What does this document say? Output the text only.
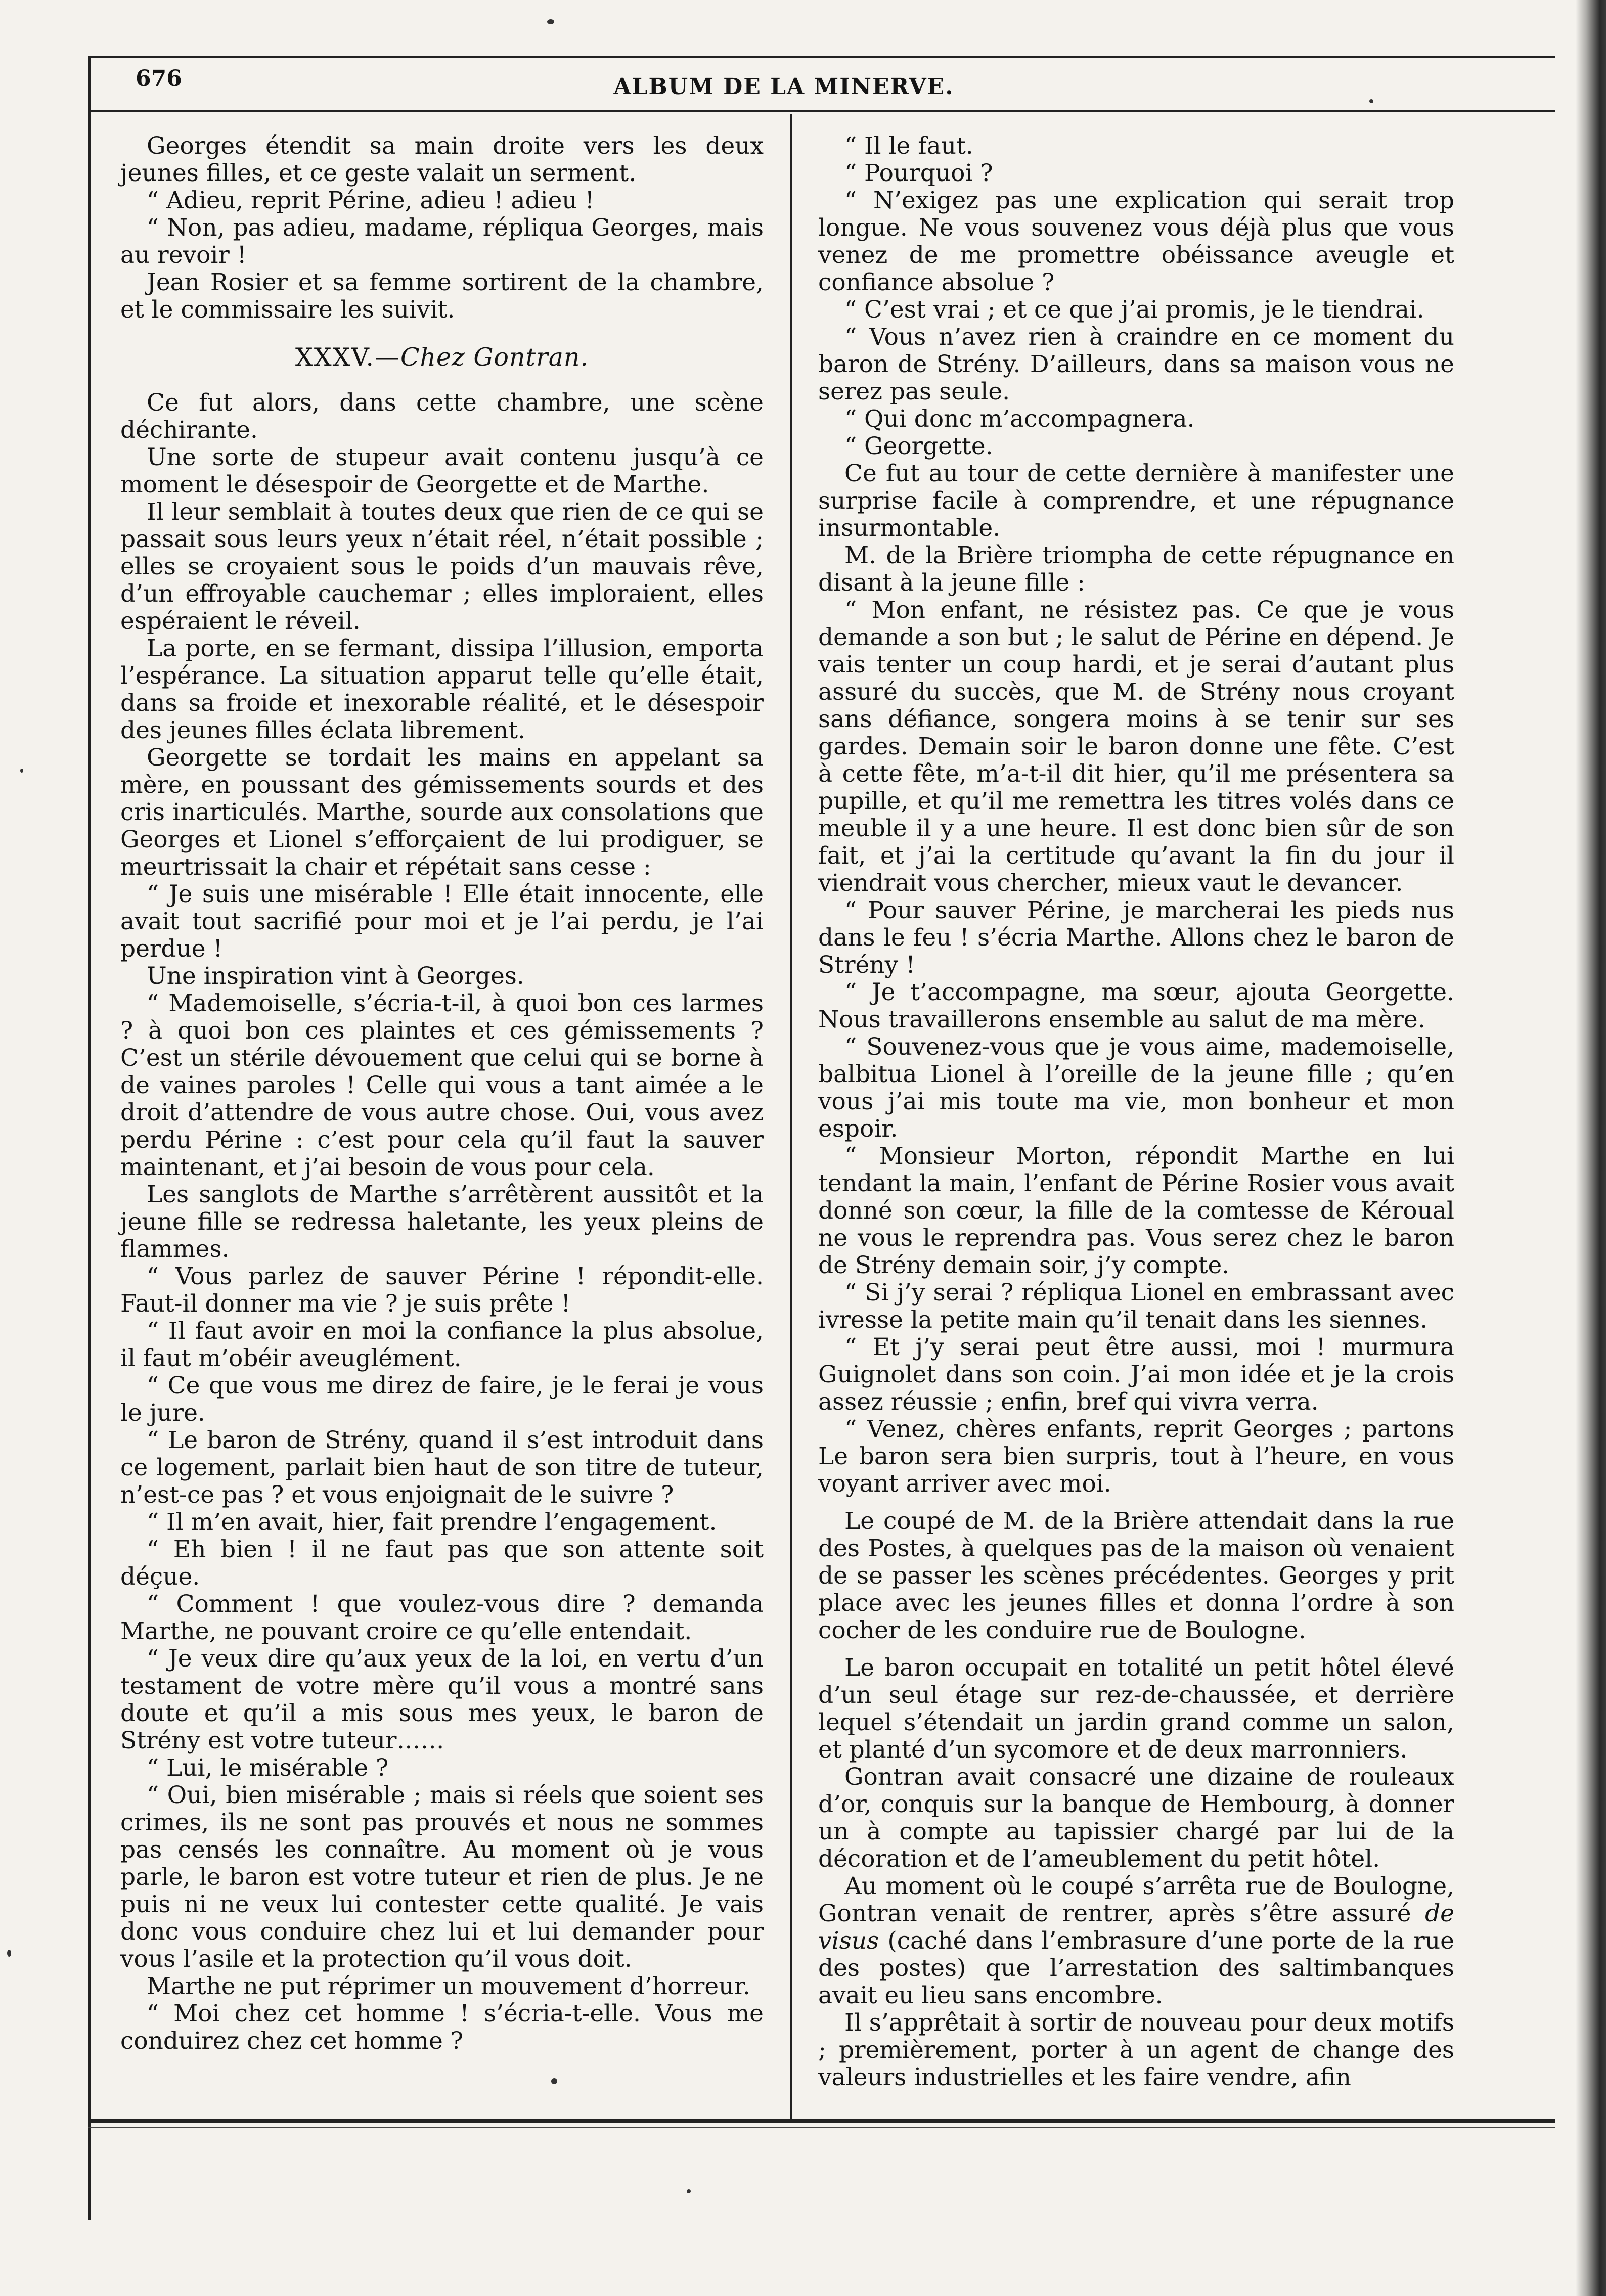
676	ALBUM DE LA MINERVE.

Georges étendit sa main droite vers les deux jeunes filles, et ce geste valait un serment.

“ Adieu, reprit Périne, adieu ! adieu !

“ Non, pas adieu, madame, répliqua Georges, mais au revoir !

Jean Rosier et sa femme sortirent de la chambre, et le commissaire les suivit.

XXXV.—Chez Gontran.

Ce fut alors, dans cette chambre, une scène déchirante.

Une sorte de stupeur avait contenu jusqu’à ce moment le désespoir de Georgette et de Marthe.

Il leur semblait à toutes deux que rien de ce qui se passait sous leurs yeux n’était réel, n’était possible ; elles se croyaient sous le poids d’un mauvais rêve, d’un effroyable cauchemar ; elles imploraient, elles espéraient le réveil.

La porte, en se fermant, dissipa l’illusion, emporta l’espérance. La situation apparut telle qu’elle était, dans sa froide et inexorable réalité, et le désespoir des jeunes filles éclata librement.

Georgette se tordait les mains en appelant sa mère, en poussant des gémissements sourds et des cris inarticulés. Marthe, sourde aux consolations que Georges et Lionel s’efforçaient de lui prodiguer, se meurtrissait la chair et répétait sans cesse :

“ Je suis une misérable ! Elle était innocente, elle avait tout sacrifié pour moi et je l’ai perdu, je l’ai perdue !

Une inspiration vint à Georges.

“ Mademoiselle, s’écria-t-il, à quoi bon ces larmes ? à quoi bon ces plaintes et ces gémissements ? C’est un stérile dévouement que celui qui se borne à de vaines paroles ! Celle qui vous a tant aimée a le droit d’attendre de vous autre chose. Oui, vous avez perdu Périne : c’est pour cela qu’il faut la sauver maintenant, et j’ai besoin de vous pour cela.

Les sanglots de Marthe s’arrêtèrent aussitôt et la jeune fille se redressa haletante, les yeux pleins de flammes.

“ Vous parlez de sauver Périne ! répondit-elle. Faut-il donner ma vie ? je suis prête !

“ Il faut avoir en moi la confiance la plus absolue, il faut m’obéir aveuglément.

“ Ce que vous me direz de faire, je le ferai je vous le jure.

“ Le baron de Strény, quand il s’est introduit dans ce logement, parlait bien haut de son titre de tuteur, n’est-ce pas ? et vous enjoignait de le suivre ?

“ Il m’en avait, hier, fait prendre l’engagement.

“ Eh bien ! il ne faut pas que son attente soit déçue.

“ Comment ! que voulez-vous dire ? demanda Marthe, ne pouvant croire ce qu’elle entendait.

“ Je veux dire qu’aux yeux de la loi, en vertu d’un testament de votre mère qu’il vous a montré sans doute et qu’il a mis sous mes yeux, le baron de Strény est votre tuteur……

“ Lui, le misérable ?

“ Oui, bien misérable ; mais si réels que soient ses crimes, ils ne sont pas prouvés et nous ne sommes pas censés les connaître. Au moment où je vous parle, le baron est votre tuteur et rien de plus. Je ne puis ni ne veux lui contester cette qualité. Je vais donc vous conduire chez lui et lui demander pour vous l’asile et la protection qu’il vous doit.

Marthe ne put réprimer un mouvement d’horreur.

“ Moi chez cet homme ! s’écria-t-elle. Vous me conduirez chez cet homme ?

“ Il le faut.

“ Pourquoi ?

“ N’exigez pas une explication qui serait trop longue. Ne vous souvenez vous déjà plus que vous venez de me promettre obéissance aveugle et confiance absolue ?

“ C’est vrai ; et ce que j’ai promis, je le tiendrai.

“ Vous n’avez rien à craindre en ce moment du baron de Strény. D’ailleurs, dans sa maison vous ne serez pas seule.

“ Qui donc m’accompagnera.

“ Georgette.

Ce fut au tour de cette dernière à manifester une surprise facile à comprendre, et une répugnance insurmontable.

M. de la Brière triompha de cette répugnance en disant à la jeune fille :

“ Mon enfant, ne résistez pas. Ce que je vous demande a son but ; le salut de Périne en dépend. Je vais tenter un coup hardi, et je serai d’autant plus assuré du succès, que M. de Strény nous croyant sans défiance, songera moins à se tenir sur ses gardes. Demain soir le baron donne une fête. C’est à cette fête, m’a-t-il dit hier, qu’il me présentera sa pupille, et qu’il me remettra les titres volés dans ce meuble il y a une heure. Il est donc bien sûr de son fait, et j’ai la certitude qu’avant la fin du jour il viendrait vous chercher, mieux vaut le devancer.

“ Pour sauver Périne, je marcherai les pieds nus dans le feu ! s’écria Marthe. Allons chez le baron de Strény !

“ Je t’accompagne, ma sœur, ajouta Georgette. Nous travaillerons ensemble au salut de ma mère.

“ Souvenez-vous que je vous aime, mademoiselle, balbitua Lionel à l’oreille de la jeune fille ; qu’en vous j’ai mis toute ma vie, mon bonheur et mon espoir.

“ Monsieur Morton, répondit Marthe en lui tendant la main, l’enfant de Périne Rosier vous avait donné son cœur, la fille de la comtesse de Kéroual ne vous le reprendra pas. Vous serez chez le baron de Strény demain soir, j’y compte.

“ Si j’y serai ? répliqua Lionel en embrassant avec ivresse la petite main qu’il tenait dans les siennes.

“ Et j’y serai peut être aussi, moi ! murmura Guignolet dans son coin. J’ai mon idée et je la crois assez réussie ; enfin, bref qui vivra verra.

“ Venez, chères enfants, reprit Georges ; partons Le baron sera bien surpris, tout à l’heure, en vous voyant arriver avec moi.

Le coupé de M. de la Brière attendait dans la rue des Postes, à quelques pas de la maison où venaient de se passer les scènes précédentes. Georges y prit place avec les jeunes filles et donna l’ordre à son cocher de les conduire rue de Boulogne.

Le baron occupait en totalité un petit hôtel élevé d’un seul étage sur rez-de-chaussée, et derrière lequel s’étendait un jardin grand comme un salon, et planté d’un sycomore et de deux marronniers.

Gontran avait consacré une dizaine de rouleaux d’or, conquis sur la banque de Hembourg, à donner un à compte au tapissier chargé par lui de la décoration et de l’ameublement du petit hôtel.

Au moment où le coupé s’arrêta rue de Boulogne, Gontran venait de rentrer, après s’être assuré de visus (caché dans l’embrasure d’une porte de la rue des postes) que l’arrestation des saltimbanques avait eu lieu sans encombre.

Il s’apprêtait à sortir de nouveau pour deux motifs ; premièrement, porter à un agent de change des valeurs industrielles et les faire vendre, afin
